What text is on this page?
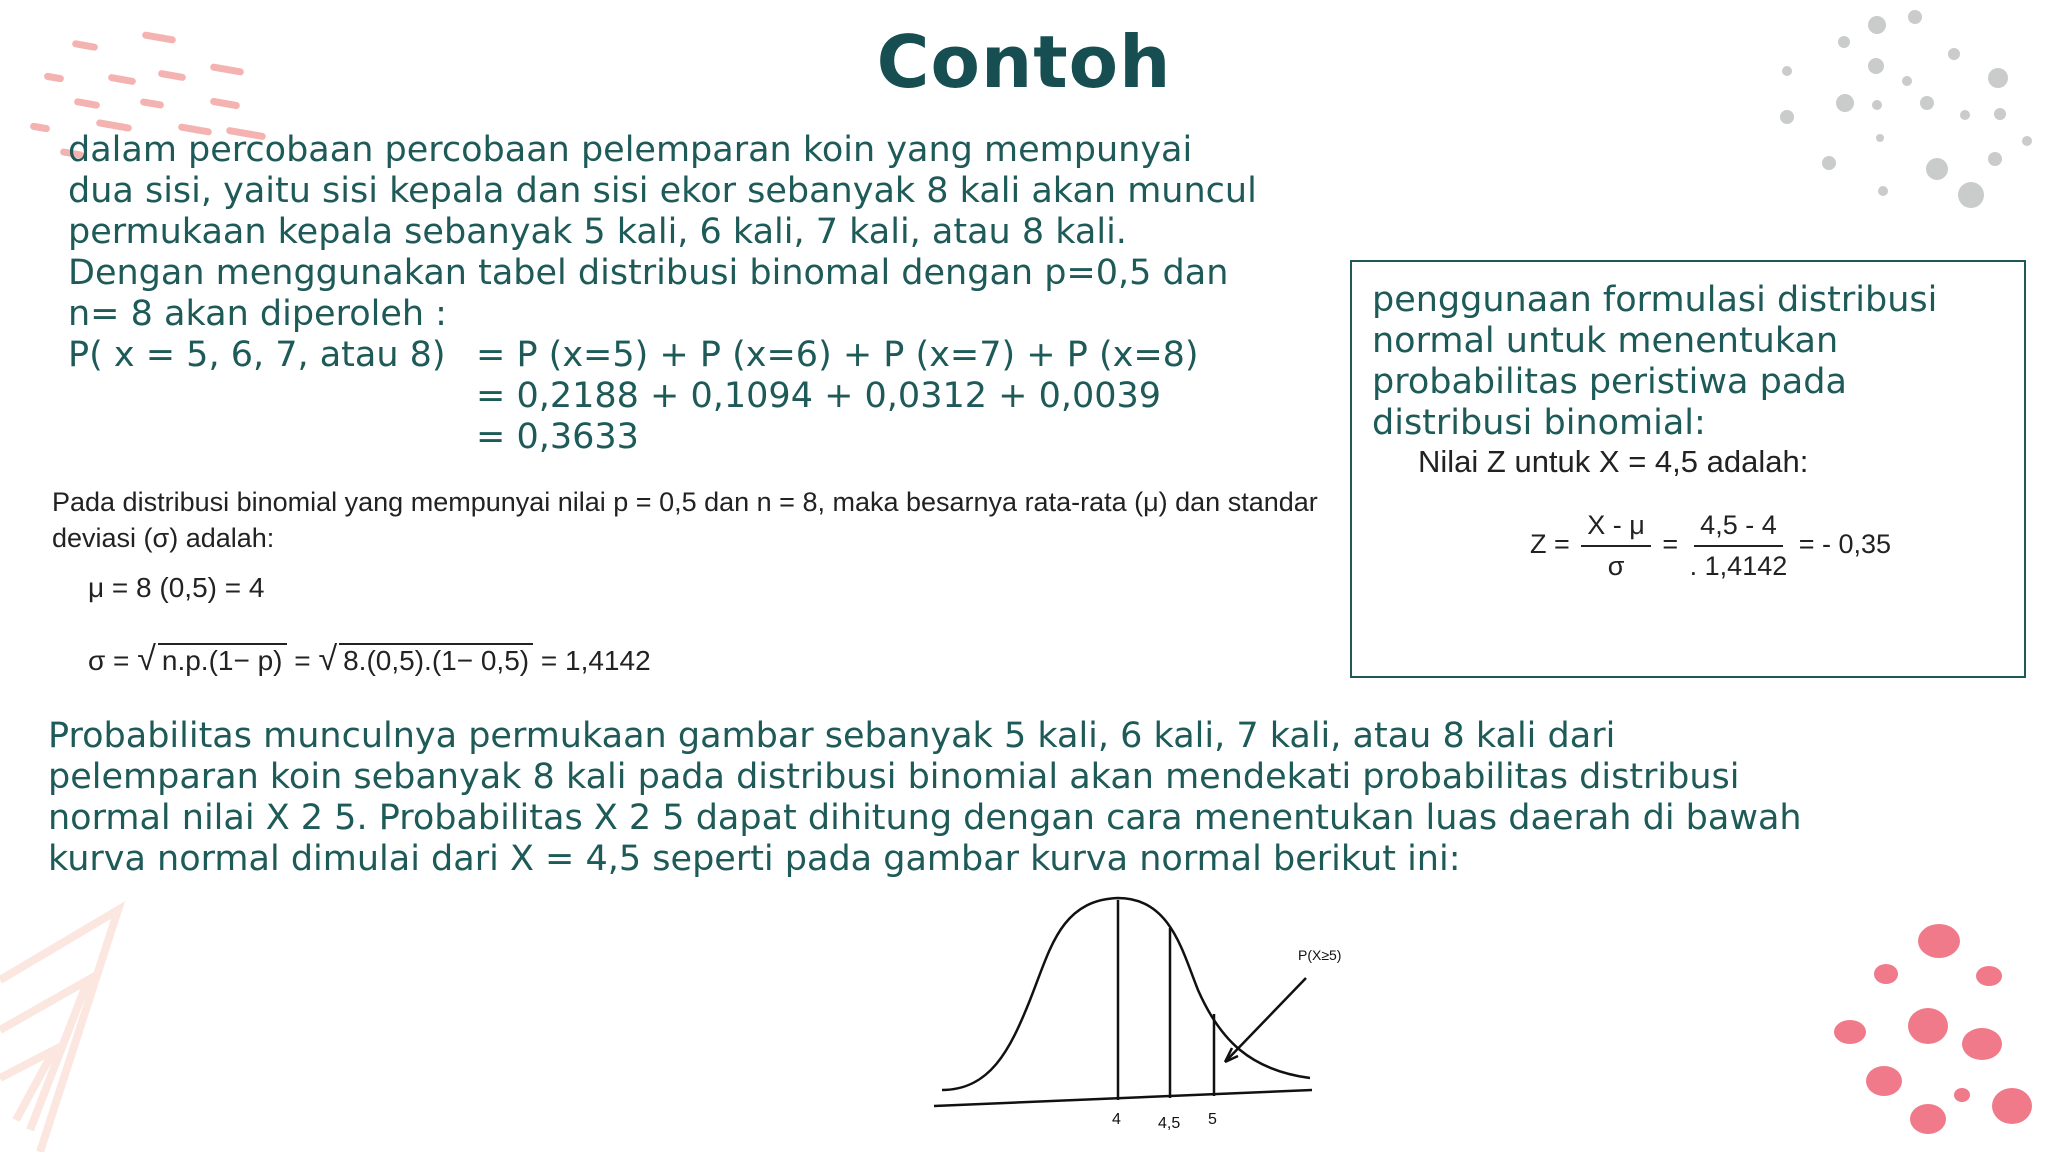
Contoh

dalam percobaan percobaan pelemparan koin yang mempunyai dua sisi, yaitu sisi kepala dan sisi ekor sebanyak 8 kali akan muncul permukaan kepala sebanyak 5 kali, 6 kali, 7 kali, atau 8 kali. Dengan menggunakan tabel distribusi binomal dengan p=0,5 dan n= 8 akan diperoleh :

P( x = 5, 6, 7, atau 8) = P (x=5) + P (x=6) + P (x=7) + P (x=8)
= 0,2188 + 0,1094 + 0,0312 + 0,0039
= 0,3633
Pada distribusi binomial yang mempunyai nilai p = 0,5 dan n = 8, maka besarnya rata-rata (μ) dan standar deviasi (σ) adalah:
μ = 8 (0,5) = 4
σ = √ n.p.(1− p) = √ 8.(0,5).(1− 0,5) = 1,4142

penggunaan formulasi distribusi normal untuk menentukan probabilitas peristiwa pada distribusi binomial:

Nilai Z untuk X = 4,5 adalah:
$Z = \frac{X - \mu}{\sigma} = \frac{4,5 - 4}{. 1,4142}$ = - 0,35

Probabilitas munculnya permukaan gambar sebanyak 5 kali, 6 kali, 7 kali, atau 8 kali dari pelemparan koin sebanyak 8 kali pada distribusi binomial akan mendekati probabilitas distribusi normal nilai X 2 5. Probabilitas X 2 5 dapat dihitung dengan cara menentukan luas daerah di bawah kurva normal dimulai dari X = 4,5 seperti pada gambar kurva normal berikut ini:

P(X≥5)
4 4,5 5
